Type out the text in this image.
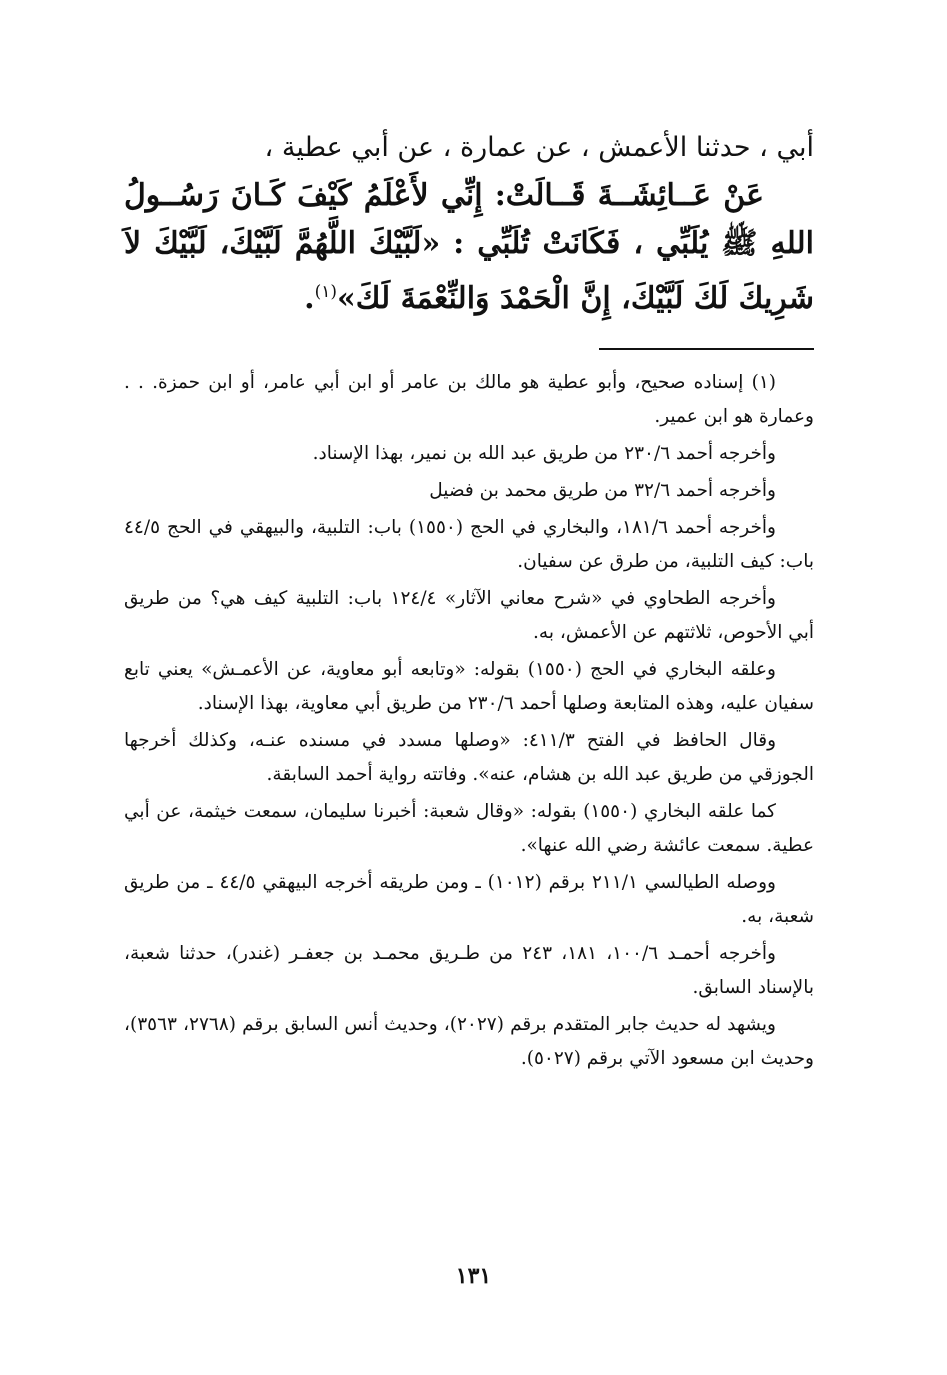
أبي ، حدثنا الأعمش ، عن عمارة ، عن أبي عطية ،

عَنْ عَــائِشَــةَ قَــالَتْ: إِنِّي لأَعْلَمُ كَيْفَ كَـانَ رَسُــولُ اللهِ ﷺ يُلَبِّي ، فَكَانَتْ تُلَبِّي : «لَبَّيْكَ اللَّهُمَّ لَبَّيْكَ، لَبَّيْكَ لاَ شَرِيكَ لَكَ لَبَّيْكَ، إِنَّ الْحَمْدَ وَالنِّعْمَةَ لَكَ»$^{(١)}$.

(١) إسناده صحيح، وأبو عطية هو مالك بن عامر أو ابن أبي عامر، أو ابن حمزة. . . وعمارة هو ابن عمير.

وأخرجه أحمد ٢٣٠/٦ من طريق عبد الله بن نمير، بهذا الإسناد.

وأخرجه أحمد ٣٢/٦ من طريق محمد بن فضيل

وأخرجه أحمد ١٨١/٦، والبخاري في الحج (١٥٥٠) باب: التلبية، والبيهقي في الحج ٤٤/٥ باب: كيف التلبية، من طرق عن سفيان.

وأخرجه الطحاوي في «شرح معاني الآثار» ١٢٤/٤ باب: التلبية كيف هي؟ من طريق أبي الأحوص، ثلاثتهم عن الأعمش، به.

وعلقه البخاري في الحج (١٥٥٠) بقوله: «وتابعه أبو معاوية، عن الأعمـش» يعني تابع سفيان عليه، وهذه المتابعة وصلها أحمد ٢٣٠/٦ من طريق أبي معاوية، بهذا الإسناد.

وقال الحافظ في الفتح ٤١١/٣: «وصلها مسدد في مسنده عنـه، وكذلك أخرجها الجوزقي من طريق عبد الله بن هشام، عنه». وفاتته رواية أحمد السابقة.

كما علقه البخاري (١٥٥٠) بقوله: «وقال شعبة: أخبرنا سليمان، سمعت خيثمة، عن أبي عطية. سمعت عائشة رضي الله عنها».

ووصله الطيالسي ٢١١/١ برقم (١٠١٢) ـ ومن طريقه أخرجه البيهقي ٤٤/٥ ـ من طريق شعبة، به.

وأخرجه أحمـد ١٠٠/٦، ١٨١، ٢٤٣ من طـريق محمـد بن جعفـر (غندر)، حدثنا شعبة، بالإسناد السابق.

ويشهد له حديث جابر المتقدم برقم (٢٠٢٧)، وحديث أنس السابق برقم (٢٧٦٨، ٣٥٦٣)، وحديث ابن مسعود الآتي برقم (٥٠٢٧).

١٣١
